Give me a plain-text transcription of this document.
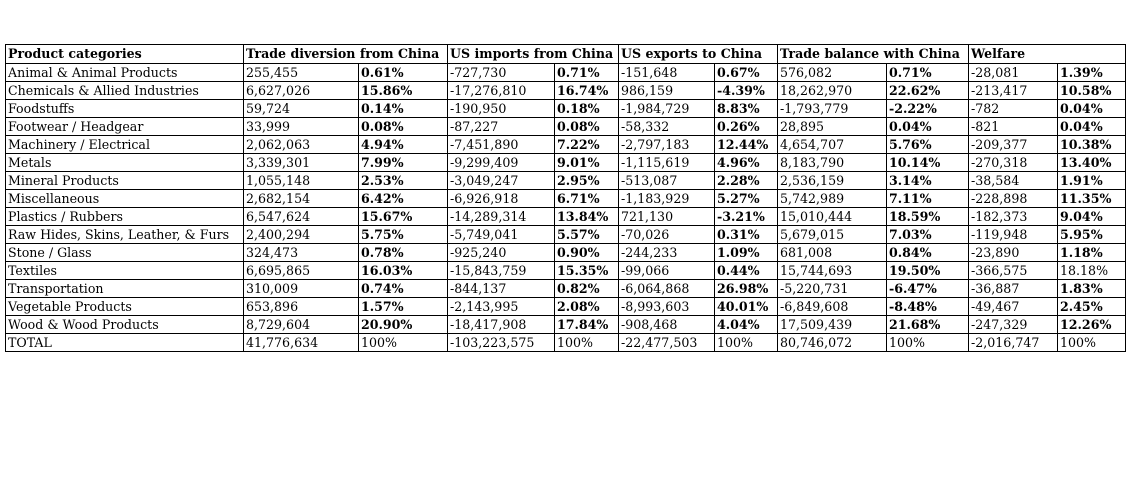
Product categories	Trade diversion from China		US imports from China		US exports to China		Trade balance with China		Welfare	
Animal & Animal Products	255,455	0.61%	-727,730	0.71%	-151,648	0.67%	576,082	0.71%	-28,081	1.39%
Chemicals & Allied Industries	6,627,026	15.86%	-17,276,810	16.74%	986,159	-4.39%	18,262,970	22.62%	-213,417	10.58%
Foodstuffs	59,724	0.14%	-190,950	0.18%	-1,984,729	8.83%	-1,793,779	-2.22%	-782	0.04%
Footwear / Headgear	33,999	0.08%	-87,227	0.08%	-58,332	0.26%	28,895	0.04%	-821	0.04%
Machinery / Electrical	2,062,063	4.94%	-7,451,890	7.22%	-2,797,183	12.44%	4,654,707	5.76%	-209,377	10.38%
Metals	3,339,301	7.99%	-9,299,409	9.01%	-1,115,619	4.96%	8,183,790	10.14%	-270,318	13.40%
Mineral Products	1,055,148	2.53%	-3,049,247	2.95%	-513,087	2.28%	2,536,159	3.14%	-38,584	1.91%
Miscellaneous	2,682,154	6.42%	-6,926,918	6.71%	-1,183,929	5.27%	5,742,989	7.11%	-228,898	11.35%
Plastics / Rubbers	6,547,624	15.67%	-14,289,314	13.84%	721,130	-3.21%	15,010,444	18.59%	-182,373	9.04%
Raw Hides, Skins, Leather, & Furs	2,400,294	5.75%	-5,749,041	5.57%	-70,026	0.31%	5,679,015	7.03%	-119,948	5.95%
Stone / Glass	324,473	0.78%	-925,240	0.90%	-244,233	1.09%	681,008	0.84%	-23,890	1.18%
Textiles	6,695,865	16.03%	-15,843,759	15.35%	-99,066	0.44%	15,744,693	19.50%	-366,575	18.18%
Transportation	310,009	0.74%	-844,137	0.82%	-6,064,868	26.98%	-5,220,731	-6.47%	-36,887	1.83%
Vegetable Products	653,896	1.57%	-2,143,995	2.08%	-8,993,603	40.01%	-6,849,608	-8.48%	-49,467	2.45%
Wood & Wood Products	8,729,604	20.90%	-18,417,908	17.84%	-908,468	4.04%	17,509,439	21.68%	-247,329	12.26%
TOTAL	41,776,634	100%	-103,223,575	100%	-22,477,503	100%	80,746,072	100%	-2,016,747	100%
